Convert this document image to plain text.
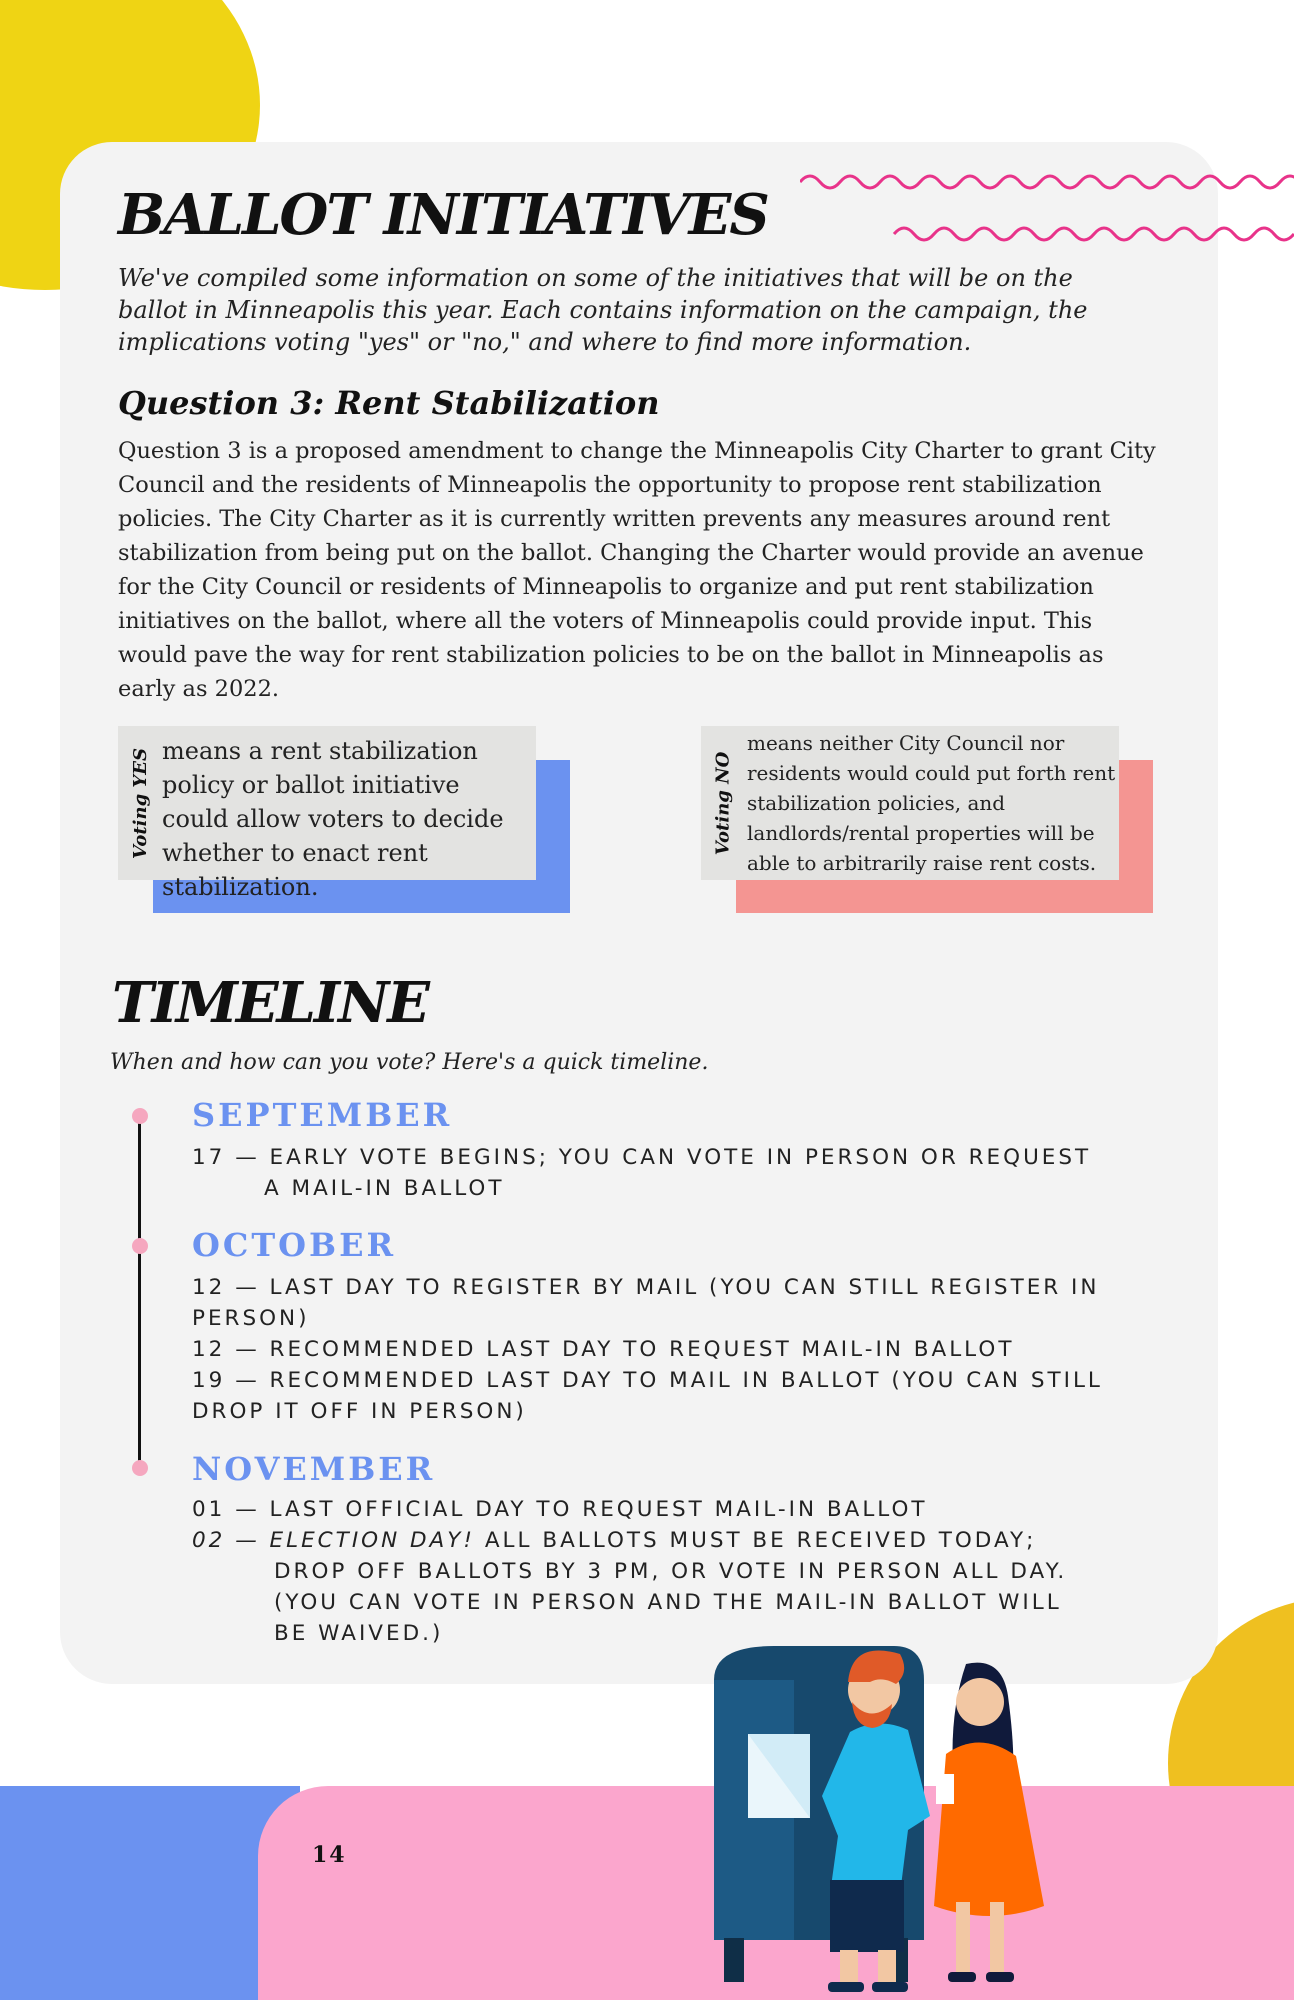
BALLOT INITIATIVES
We've compiled some information on some of the initiatives that will be on the ballot in Minneapolis this year. Each contains information on the campaign, the implications voting "yes" or "no," and where to find more information.
Question 3: Rent Stabilization
Question 3 is a proposed amendment to change the Minneapolis City Charter to grant City Council and the residents of Minneapolis the opportunity to propose rent stabilization policies. The City Charter as it is currently written prevents any measures around rent stabilization from being put on the ballot. Changing the Charter would provide an avenue for the City Council or residents of Minneapolis to organize and put rent stabilization initiatives on the ballot, where all the voters of Minneapolis could provide input. This would pave the way for rent stabilization policies to be on the ballot in Minneapolis as early as 2022.
Voting YES means a rent stabilization policy or ballot initiative could allow voters to decide whether to enact rent stabilization.
Voting NO
means neither City Council nor residents would could put forth rent stabilization policies, and landlords/rental properties will be able to arbitrarily raise rent costs.
TIMELINE
When and how can you vote? Here's a quick timeline.
SEPTEMBER
17 — EARLY VOTE BEGINS; YOU CAN VOTE IN PERSON OR REQUEST
A MAIL-IN BALLOT
OCTOBER
12 — LAST DAY TO REGISTER BY MAIL (YOU CAN STILL REGISTER IN
PERSON)
12 — RECOMMENDED LAST DAY TO REQUEST MAIL-IN BALLOT
19 — RECOMMENDED LAST DAY TO MAIL IN BALLOT (YOU CAN STILL
DROP IT OFF IN PERSON)
NOVEMBER
01 — LAST OFFICIAL DAY TO REQUEST MAIL-IN BALLOT
02 — ELECTION DAY! ALL BALLOTS MUST BE RECEIVED TODAY;
DROP OFF BALLOTS BY 3 PM, OR VOTE IN PERSON ALL DAY.
(YOU CAN VOTE IN PERSON AND THE MAIL-IN BALLOT WILL
BE WAIVED.)
14
